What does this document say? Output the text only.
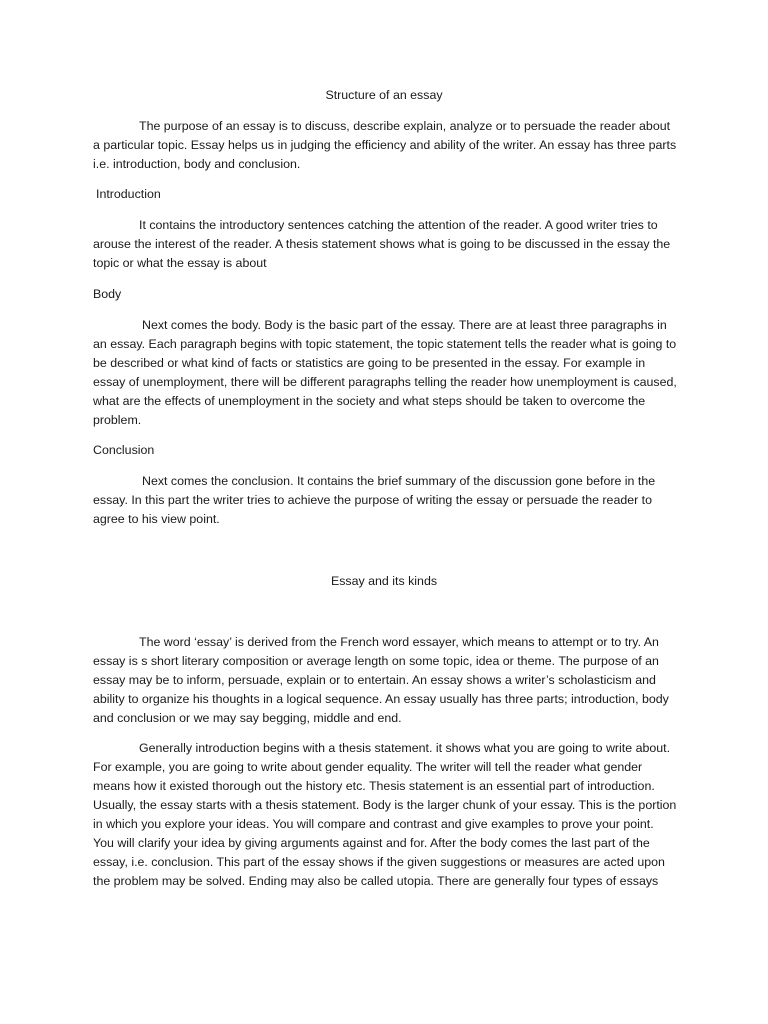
Structure of an essay

The purpose of an essay is to discuss, describe explain, analyze or to persuade the reader about a particular topic. Essay helps us in judging the efficiency and ability of the writer. An essay has three parts i.e. introduction, body and conclusion.

Introduction

It contains the introductory sentences catching the attention of the reader. A good writer tries to arouse the interest of the reader. A thesis statement shows what is going to be discussed in the essay the topic or what the essay is about

Body

Next comes the body. Body is the basic part of the essay. There are at least three paragraphs in an essay. Each paragraph begins with topic statement, the topic statement tells the reader what is going to be described or what kind of facts or statistics are going to be presented in the essay. For example in essay of unemployment, there will be different paragraphs telling the reader how unemployment is caused, what are the effects of unemployment in the society and what steps should be taken to overcome the problem.

Conclusion

Next comes the conclusion. It contains the brief summary of the discussion gone before in the essay. In this part the writer tries to achieve the purpose of writing the essay or persuade the reader to agree to his view point.

Essay and its kinds

The word ‘essay’ is derived from the French word essayer, which means to attempt or to try. An essay is s short literary composition or average length on some topic, idea or theme. The purpose of an essay may be to inform, persuade, explain or to entertain. An essay shows a writer’s scholasticism and ability to organize his thoughts in a logical sequence. An essay usually has three parts; introduction, body and conclusion or we may say begging, middle and end.

Generally introduction begins with a thesis statement. it shows what you are going to write about. For example, you are going to write about gender equality. The writer will tell the reader what gender means how it existed thorough out the history etc. Thesis statement is an essential part of introduction. Usually, the essay starts with a thesis statement. Body is the larger chunk of your essay. This is the portion in which you explore your ideas. You will compare and contrast and give examples to prove your point. You will clarify your idea by giving arguments against and for. After the body comes the last part of the essay, i.e. conclusion. This part of the essay shows if the given suggestions or measures are acted upon the problem may be solved. Ending may also be called utopia. There are generally four types of essays
